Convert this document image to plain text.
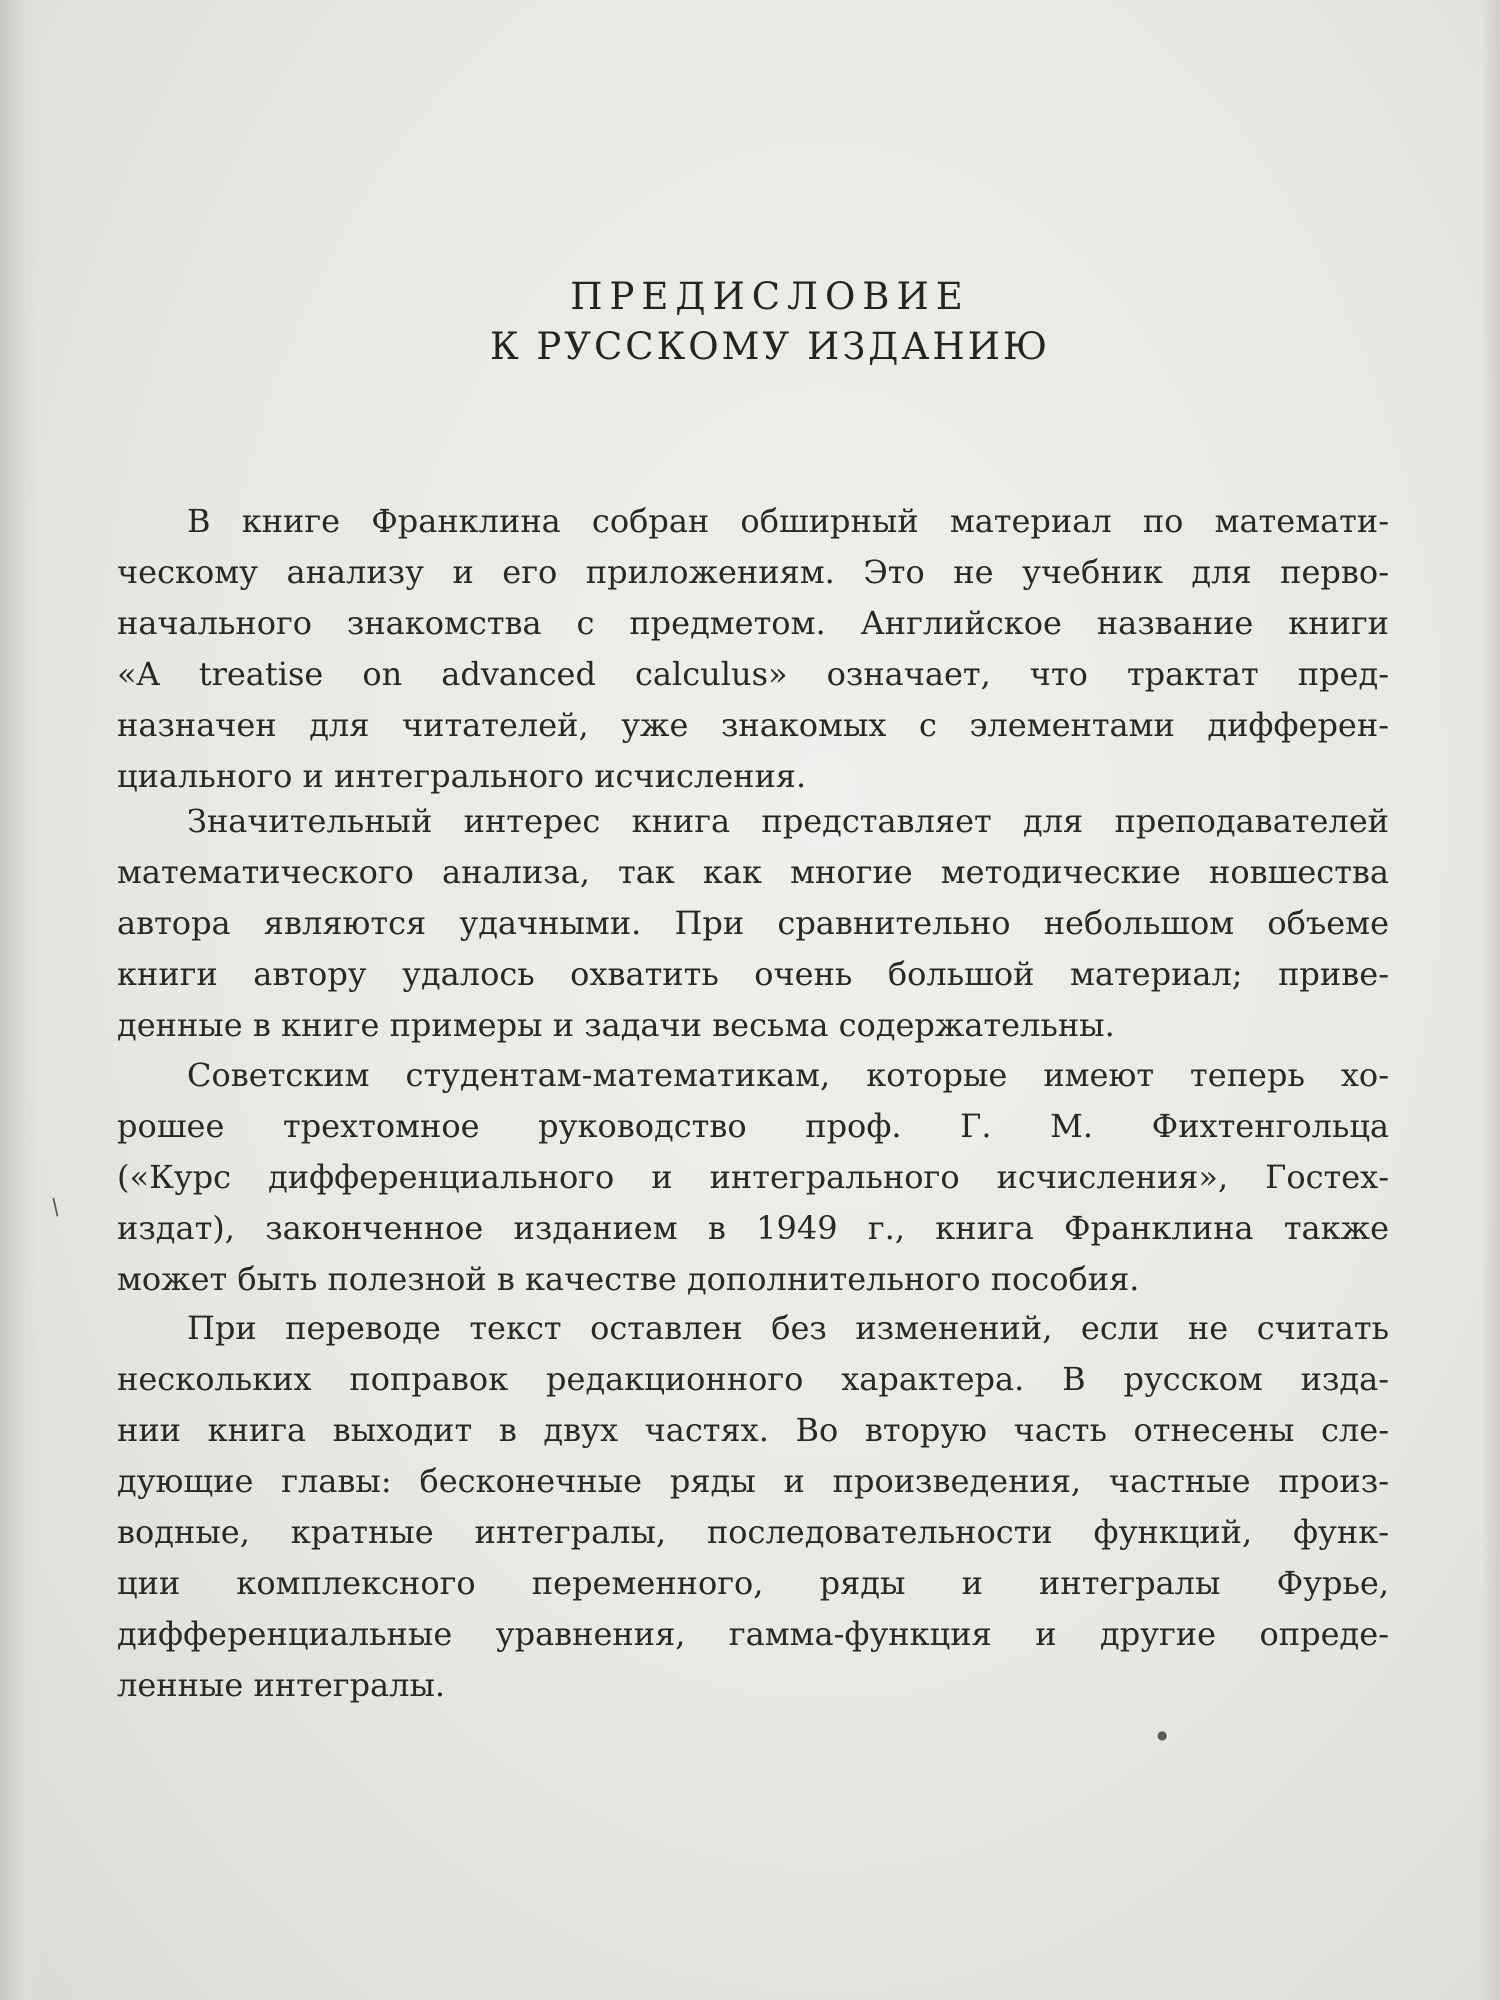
ПРЕДИСЛОВИЕ
К РУССКОМУ ИЗДАНИЮ
В книге Франклина собран обширный материал по математи-
ческому анализу и его приложениям. Это не учебник для перво-
начального знакомства с предметом. Английское название книги
«A treatise on advanced calculus» означает, что трактат пред-
назначен для читателей, уже знакомых с элементами дифферен-
циального и интегрального исчисления.
Значительный интерес книга представляет для преподавателей
математического анализа, так как многие методические новшества
автора являются удачными. При сравнительно небольшом объеме
книги автору удалось охватить очень большой материал; приве-
денные в книге примеры и задачи весьма содержательны.
Советским студентам-математикам, которые имеют теперь хо-
рошее трехтомное руководство проф. Г. М. Фихтенгольца
(«Курс дифференциального и интегрального исчисления», Гостех-
издат), законченное изданием в 1949 г., книга Франклина также
может быть полезной в качестве дополнительного пособия.
При переводе текст оставлен без изменений, если не считать
нескольких поправок редакционного характера. В русском изда-
нии книга выходит в двух частях. Во вторую часть отнесены сле-
дующие главы: бесконечные ряды и произведения, частные произ-
водные, кратные интегралы, последовательности функций, функ-
ции комплексного переменного, ряды и интегралы Фурье,
дифференциальные уравнения, гамма-функция и другие опреде-
ленные интегралы.
/
●
